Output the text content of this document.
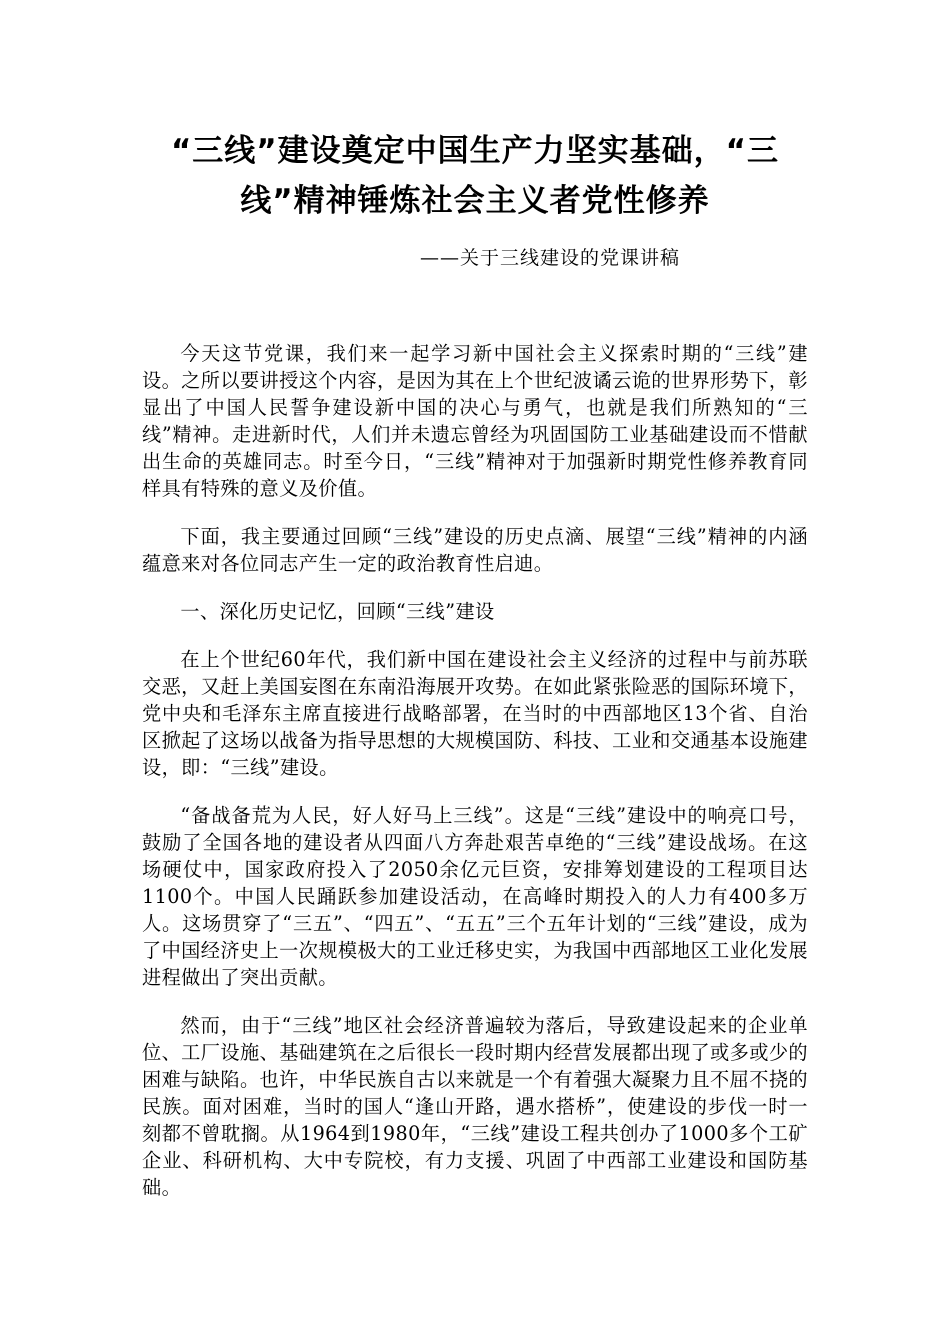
“三线”建设奠定中国生产力坚实基础，“三线”精神锤炼社会主义者党性修养

——关于三线建设的党课讲稿

今天这节党课，我们来一起学习新中国社会主义探索时期的“三线”建设。之所以要讲授这个内容，是因为其在上个世纪波谲云诡的世界形势下，彰显出了中国人民誓争建设新中国的决心与勇气，也就是我们所熟知的“三线”精神。走进新时代，人们并未遗忘曾经为巩固国防工业基础建设而不惜献出生命的英雄同志。时至今日，“三线”精神对于加强新时期党性修养教育同样具有特殊的意义及价值。

下面，我主要通过回顾“三线”建设的历史点滴、展望“三线”精神的内涵蕴意来对各位同志产生一定的政治教育性启迪。

一、深化历史记忆，回顾“三线”建设

在上个世纪60年代，我们新中国在建设社会主义经济的过程中与前苏联交恶，又赶上美国妄图在东南沿海展开攻势。在如此紧张险恶的国际环境下，党中央和毛泽东主席直接进行战略部署，在当时的中西部地区13个省、自治区掀起了这场以战备为指导思想的大规模国防、科技、工业和交通基本设施建设，即：“三线”建设。

“备战备荒为人民，好人好马上三线”。这是“三线”建设中的响亮口号，鼓励了全国各地的建设者从四面八方奔赴艰苦卓绝的“三线”建设战场。在这场硬仗中，国家政府投入了2050余亿元巨资，安排筹划建设的工程项目达1100个。中国人民踊跃参加建设活动，在高峰时期投入的人力有400多万人。这场贯穿了“三五”、“四五”、“五五”三个五年计划的“三线”建设，成为了中国经济史上一次规模极大的工业迁移史实，为我国中西部地区工业化发展进程做出了突出贡献。

然而，由于“三线”地区社会经济普遍较为落后，导致建设起来的企业单位、工厂设施、基础建筑在之后很长一段时期内经营发展都出现了或多或少的困难与缺陷。也许，中华民族自古以来就是一个有着强大凝聚力且不屈不挠的民族。面对困难，当时的国人“逢山开路，遇水搭桥”，使建设的步伐一时一刻都不曾耽搁。从1964到1980年，“三线”建设工程共创办了1000多个工矿企业、科研机构、大中专院校，有力支援、巩固了中西部工业建设和国防基础。
